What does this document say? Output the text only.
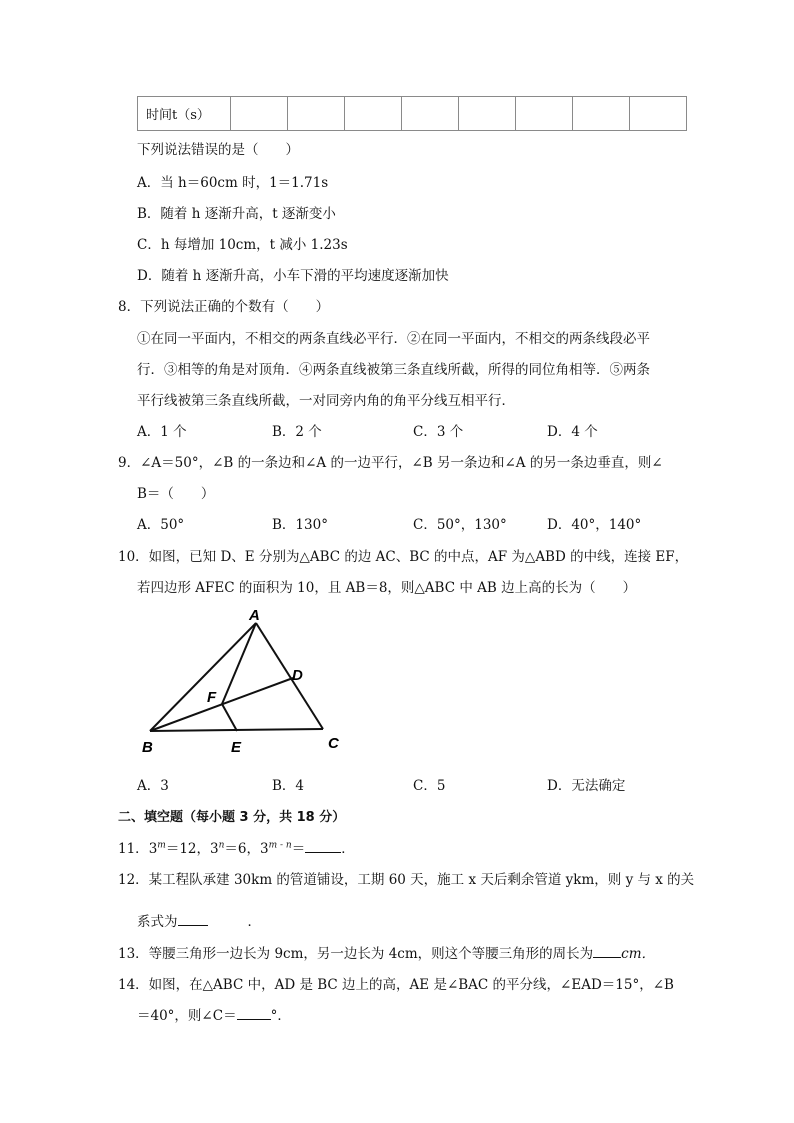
时间t（s）								
下列说法错误的是（　　）
A．当 h＝60cm 时，1＝1.71s
B．随着 h 逐渐升高，t 逐渐变小
C．h 每增加 10cm，t 减小 1.23s
D．随着 h 逐渐升高，小车下滑的平均速度逐渐加快
8．下列说法正确的个数有（　　）
①在同一平面内，不相交的两条直线必平行．②在同一平面内，不相交的两条线段必平
行．③相等的角是对顶角．④两条直线被第三条直线所截，所得的同位角相等．⑤两条
平行线被第三条直线所截，一对同旁内角的角平分线互相平行．
A．1 个	B．2 个	C．3 个	D．4 个
9．∠A＝50°，∠B 的一条边和∠A 的一边平行，∠B 另一条边和∠A 的另一条边垂直，则∠
B＝（　　）
A．50°	B．130°	C．50°，130°	D．40°，140°
10．如图，已知 D、E 分别为△ABC 的边 AC、BC 的中点，AF 为△ABD 的中线，连接 EF，
若四边形 AFEC 的面积为 10，且 AB＝8，则△ABC 中 AB 边上高的长为（　　）
A
B	C
D
E
F
A．3	B．4	C．5	D．无法确定
二、填空题（每小题 3 分，共 18 分）
11．$3^m=12$，$3^n=6$，$3^{m - n}=$	．
12．某工程队承建 30km 的管道铺设，工期 60 天，施工 x 天后剩余管道 ykm，则 y 与 x 的关
系式为	．
13．等腰三角形一边长为 9cm，另一边长为 4cm，则这个等腰三角形的周长为 cm．
14．如图，在△ABC 中，AD 是 BC 边上的高，AE 是∠BAC 的平分线，∠EAD＝15°，∠B
＝40°，则∠C＝	°．
